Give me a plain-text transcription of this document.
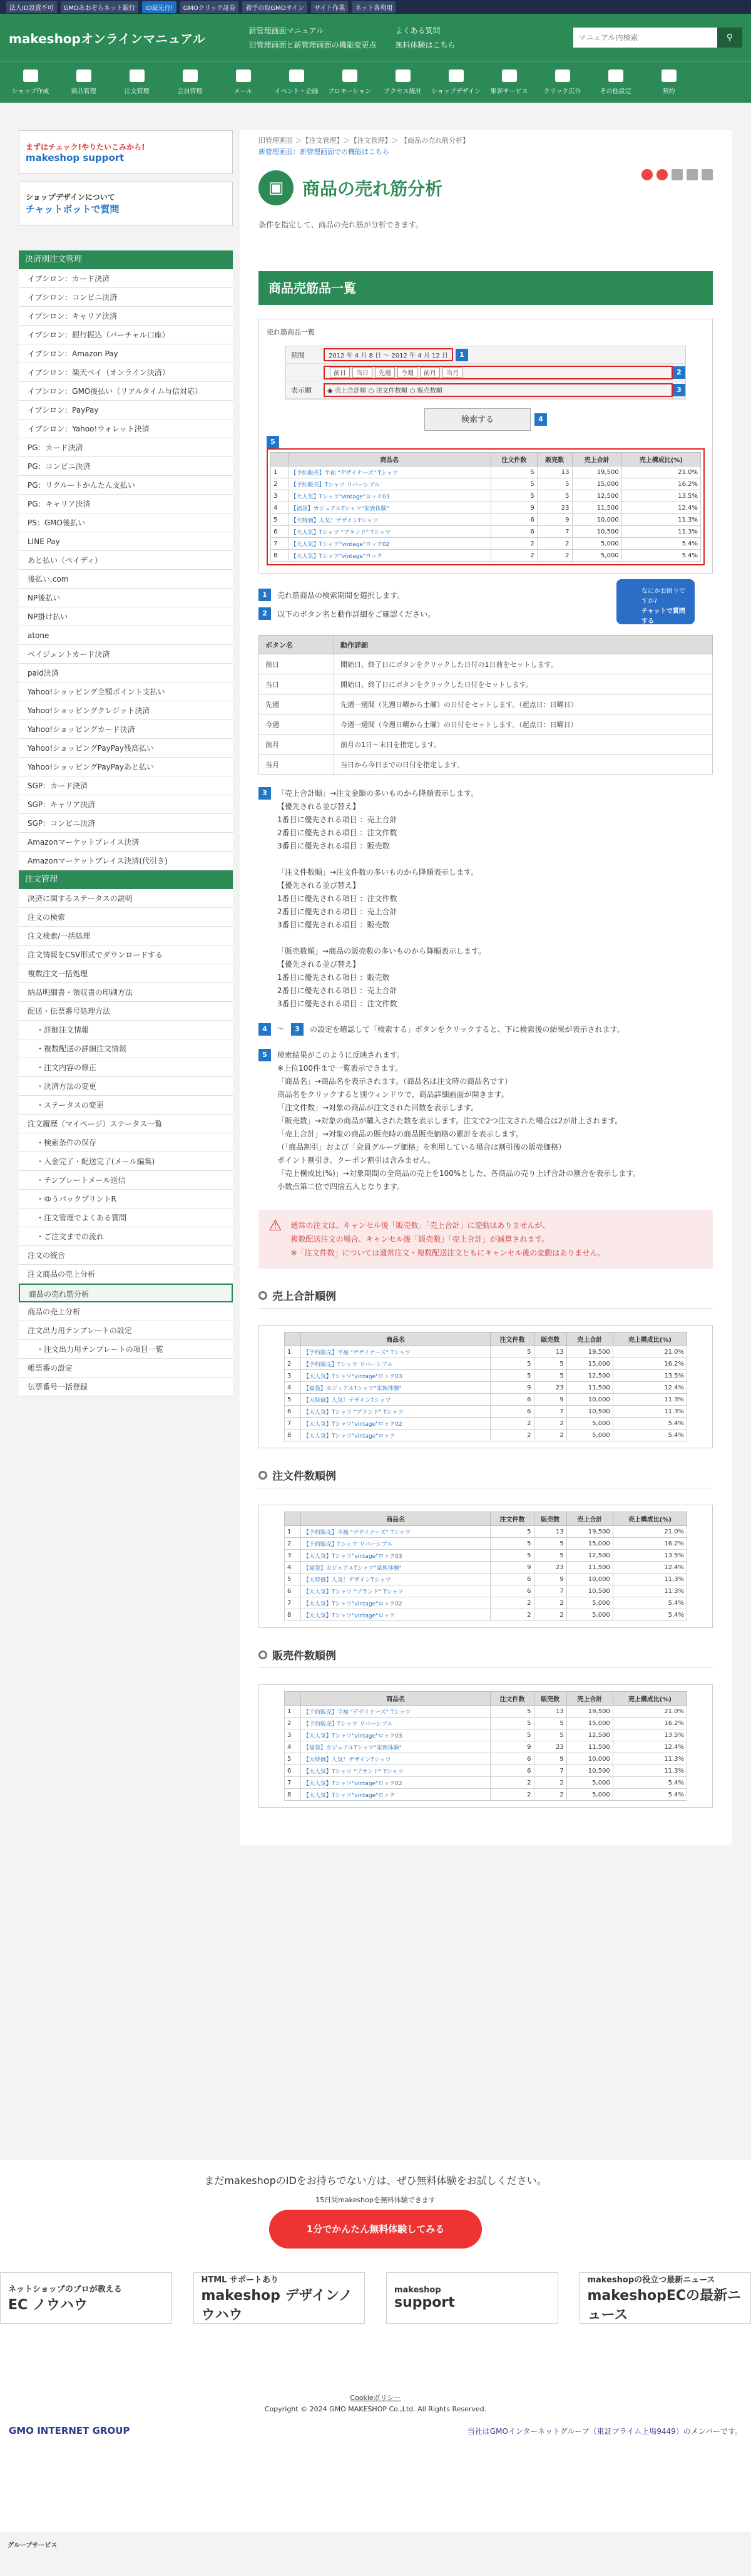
法人ID設置不可	GMOあおぞらネット銀行	ID最先行!	GMOクリック証券	着手の取GMOサイン	サイト作業	ネット各利用
makeshopオンラインマニュアル
新管理画面マニュアル
旧管理画面と新管理画面の機能変更点
よくある質問
無料体験はこちら
マニュアル内検索
⚲
ショップ作成	商品管理	注文管理	会員管理	メール	イベント・企画 プロモーション アクセス統計 ショップデザイン 集客サービス	クリック広告	その他設定	契約
まずはチェック!やりたいこみから!
makeshop support
ショップデザインについて
チャットボットで質問
決済別注文管理
イプシロン：カード決済
イプシロン：コンビニ決済
イプシロン：キャリア決済
イプシロン：銀行振込（バーチャル口座）
イプシロン：Amazon Pay
イプシロン：楽天ペイ（オンライン決済）
イプシロン：GMO後払い（リアルタイム与信対応）
イプシロン：PayPay
イプシロン：Yahoo!ウォレット決済
PG：カード決済
PG：コンビニ決済
PG：リクルートかんたん支払い
PG：キャリア決済
PS：GMO後払い
LINE Pay
あと払い（ペイディ）
後払い.com
NP後払い
NP掛け払い
atone
ペイジェントカード決済
paid決済
Yahoo!ショッピング全額ポイント支払い
Yahoo!ショッピングクレジット決済
Yahoo!ショッピングカード決済
Yahoo!ショッピングPayPay残高払い
Yahoo!ショッピングPayPayあと払い
SGP：カード決済
SGP：キャリア決済
SGP：コンビニ決済
Amazonマーケットプレイス決済
Amazonマーケットプレイス決済(代引き)
注文管理
決済に関するステータスの説明
注文の検索
注文検索/一括処理
注文情報をCSV形式でダウンロードする
複数注文一括処理
納品明細書・領収書の印刷方法
配送・伝票番号処理方法
・詳細注文情報
・複数配送の詳細注文情報
・注文内容の修正
・決済方法の変更
・ステータスの変更
注文履歴（マイページ）ステータス一覧
・検索条件の保存
・入金完了・配送完了(メール編集)
・テンプレートメール送信
・ゆうパックプリントR
・注文管理でよくある質問
・ご注文までの流れ
注文の統合
注文商品の売上分析
商品の売れ筋分析
商品の売上分析
注文出力用テンプレートの設定
・注文出力用テンプレートの項目一覧
帳票番の設定
伝票番号一括登録
旧管理画面 ＞【注文管理】＞【注文管理】＞ 【商品の売れ筋分析】
新管理画面：新管理画面での機能はこちら
▣	商品の売れ筋分析
条件を指定して、商品の売れ筋が分析できます。
商品売筋品一覧
売れ筋商品一覧
期間	2012 年 4 月 8 日 〜 2012 年 4 月 12 日	1
前日	当日	先週	今週	前月	当月	2
表示順	◉ 売上合計順 ○ 注文件数順 ○ 販売数順	3
検索する	4
5
	商品名	注文件数	販売数	売上合計	売上構成比(%)
1	【予約販売】半袖 "デザイナーズ" Tシャツ	5	13	19,500	21.0%
2	【予約販売】Tシャツ リバーシブル	5	5	15,000	16.2%
3	【大人気】Tシャツ"vintage"ロック03	5	5	12,500	13.5%
4	【福袋】カジュアルTシャツ"家族体験"	9	23	11,500	12.4%
5	【大特価】人気！デザインTシャツ	6	9	10,000	11.3%
6	【大人気】Tシャツ "ブランド" Tシャツ	6	7	10,500	11.3%
7	【大人気】Tシャツ"vintage"ロック02	2	2	5,000	5.4%
8	【大人気】Tシャツ"vintage"ロック	2	2	5,000	5.4%
1	売れ筋商品の検索期間を選択します。
2	以下のボタン名と動作詳細をご確認ください。
ボタン名	動作詳細
前日	開始日、終了日にボタンをクリックした日付の1日前をセットします。
当日	開始日、終了日にボタンをクリックした日付をセットします。
先週	先週一週間（先週日曜から土曜）の日付をセットします。（起点日：日曜日）
今週	今週一週間（今週日曜から土曜）の日付をセットします。（起点日：日曜日）
前月	前月の1日〜末日を指定します。
当月	当日から今日までの日付を指定します。
3	「売上合計順」→注文金額の多いものから降順表示します。
【優先される並び替え】
1番目に優先される項目 ：売上合計
2番目に優先される項目 ：注文件数
3番目に優先される項目 ：販売数

「注文件数順」→注文件数の多いものから降順表示します。
【優先される並び替え】
1番目に優先される項目 ：注文件数
2番目に優先される項目 ：売上合計
3番目に優先される項目 ：販売数

「販売数順」→商品の販売数の多いものから降順表示します。
【優先される並び替え】
1番目に優先される項目 ：販売数
2番目に優先される項目 ：売上合計
3番目に優先される項目 ：注文件数
4	〜	3	の設定を確認して「検索する」ボタンをクリックすると、下に検索後の結果が表示されます。
5	検索結果がこのように反映されます。
※上位100件まで一覧表示できます。
「商品名」→商品名を表示されます。（商品名は注文時の商品名です）
商品名をクリックすると別ウィンドウで、商品詳細画面が開きます。
「注文件数」→対象の商品が注文された回数を表示します。
「販売数」→対象の商品が購入された数を表示します。注文で2つ注文された場合は2が計上されます。
「売上合計」→対象の商品の販売時の商品販売価格の累計を表示します。
（「商品割引」および「会員グループ価格」を利用している場合は割引後の販売価格）
ポイント割引き、クーポン割引は含みません。
「売上構成比(%)」→対象期間の全商品の売上を100%とした、各商品の売り上げ合計の割合を表示します。
小数点第二位で四捨五入となります。
⚠ 通常の注文は、キャンセル後「販売数」「売上合計」に変動はありませんが、
複数配送注文の場合、キャンセル後「販売数」「売上合計」が減算されます。
※「注文件数」については通常注文・複数配送注文ともにキャンセル後の変動はありません。
売上合計順例
	商品名	注文件数	販売数	売上合計	売上構成比(%)
1	【予約販売】半袖 "デザイナーズ" Tシャツ	5	13	19,500	21.0%
2	【予約販売】Tシャツ リバーシブル	5	5	15,000	16.2%
3	【大人気】Tシャツ"vintage"ロック03	5	5	12,500	13.5%
4	【福袋】カジュアルTシャツ"家族体験"	9	23	11,500	12.4%
5	【大特価】人気！デザインTシャツ	6	9	10,000	11.3%
6	【大人気】Tシャツ "ブランド" Tシャツ	6	7	10,500	11.3%
7	【大人気】Tシャツ"vintage"ロック02	2	2	5,000	5.4%
8	【大人気】Tシャツ"vintage"ロック	2	2	5,000	5.4%
注文件数順例
	商品名	注文件数	販売数	売上合計	売上構成比(%)
1	【予約販売】半袖 "デザイナーズ" Tシャツ	5	13	19,500	21.0%
2	【予約販売】Tシャツ リバーシブル	5	5	15,000	16.2%
3	【大人気】Tシャツ"vintage"ロック03	5	5	12,500	13.5%
4	【福袋】カジュアルTシャツ"家族体験"	9	23	11,500	12.4%
5	【大特価】人気！デザインTシャツ	6	9	10,000	11.3%
6	【大人気】Tシャツ "ブランド" Tシャツ	6	7	10,500	11.3%
7	【大人気】Tシャツ"vintage"ロック02	2	2	5,000	5.4%
8	【大人気】Tシャツ"vintage"ロック	2	2	5,000	5.4%
販売件数順例
	商品名	注文件数	販売数	売上合計	売上構成比(%)
1	【予約販売】半袖 "デザイナーズ" Tシャツ	5	13	19,500	21.0%
2	【予約販売】Tシャツ リバーシブル	5	5	15,000	16.2%
3	【大人気】Tシャツ"vintage"ロック03	5	5	12,500	13.5%
4	【福袋】カジュアルTシャツ"家族体験"	9	23	11,500	12.4%
5	【大特価】人気！デザインTシャツ	6	9	10,000	11.3%
6	【大人気】Tシャツ "ブランド" Tシャツ	6	7	10,500	11.3%
7	【大人気】Tシャツ"vintage"ロック02	2	2	5,000	5.4%
8	【大人気】Tシャツ"vintage"ロック	2	2	5,000	5.4%
なにかお困りですか?
チャットで質問する
まだmakeshopのIDをお持ちでない方は、ぜひ無料体験をお試しください。
15日間makeshopを無料体験できます
1分でかんたん無料体験してみる
ネットショップのプロが教える
EC ノウハウ
HTML サポートあり
makeshop デザインノウハウ
makeshop
support
makeshopの役立つ最新ニュース
makeshopECの最新ニュース
Cookieポリシー
Copyright © 2024 GMO MAKESHOP Co.,Ltd. All Rights Reserved.
GMO INTERNET GROUP	当社はGMOインターネットグループ（東証プライム上場9449）のメンバーです。
グループサービス
